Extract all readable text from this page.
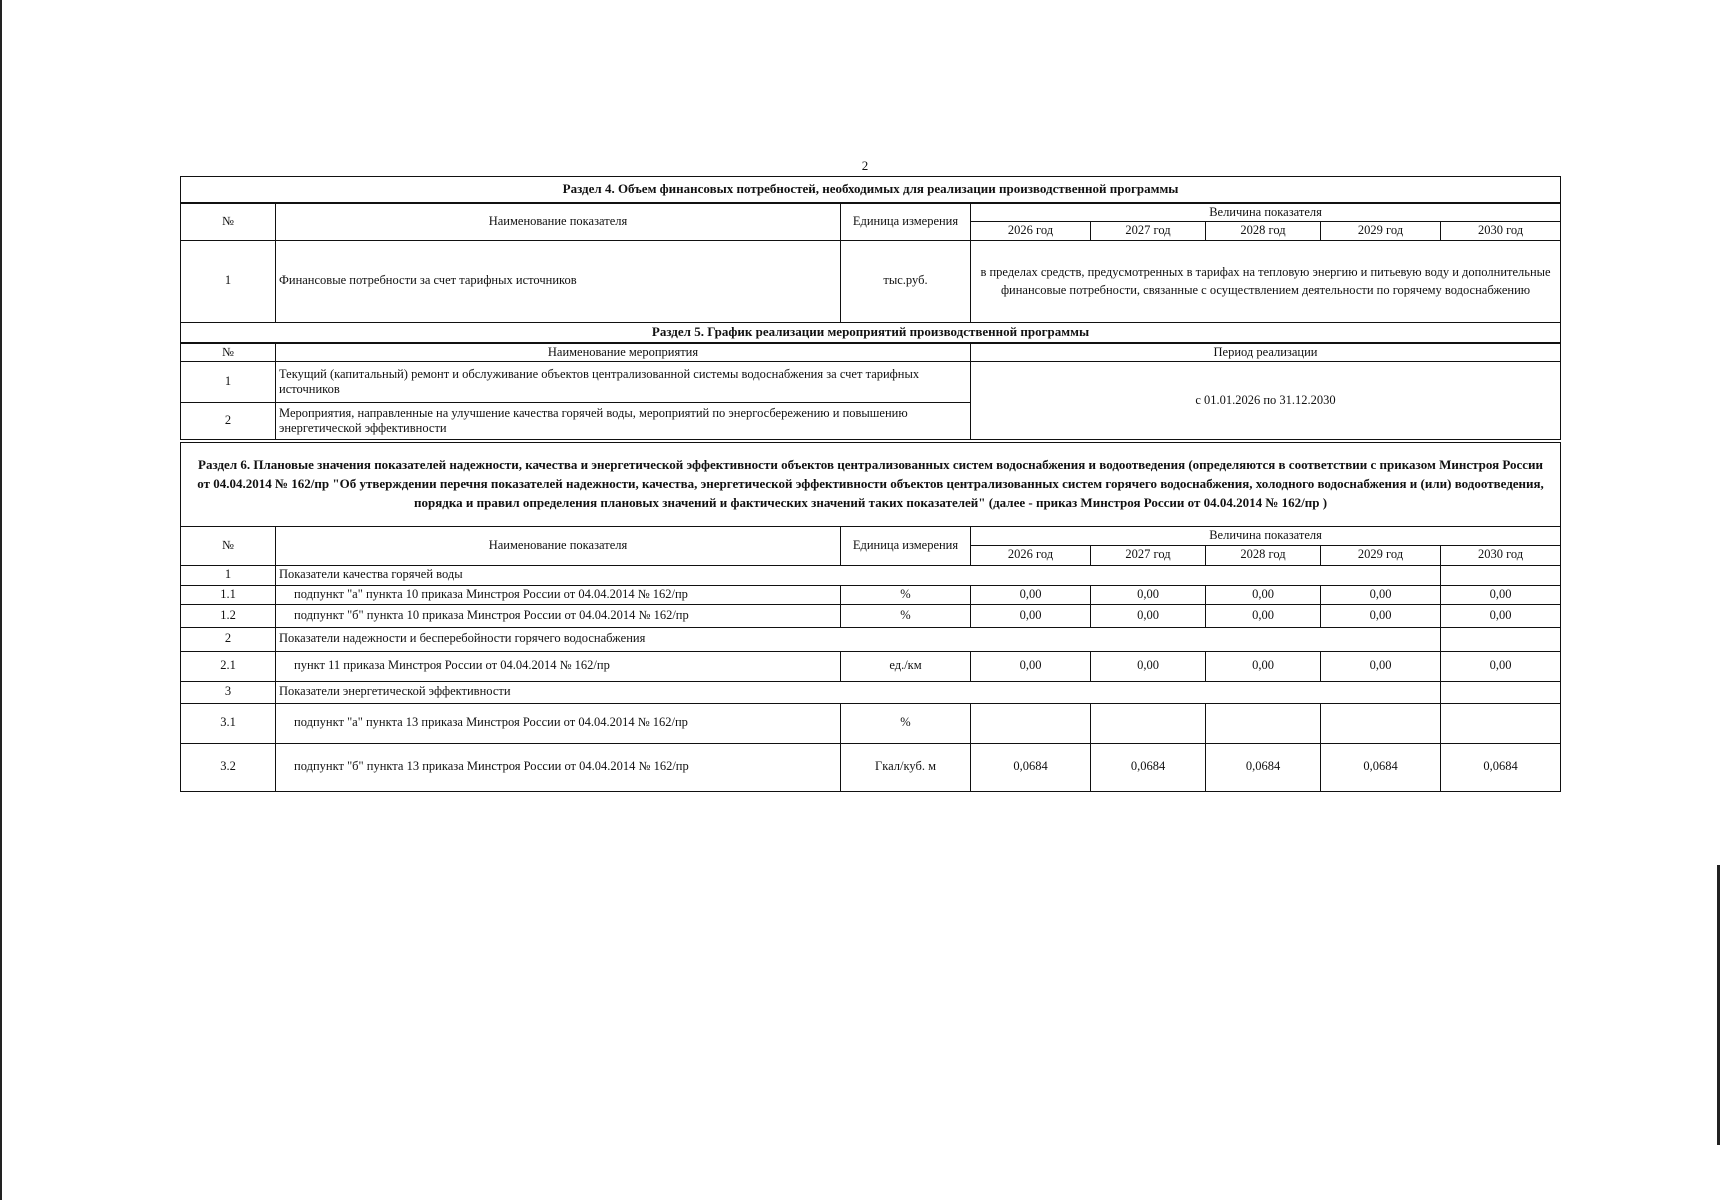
2
Раздел 4. Объем финансовых потребностей, необходимых для реализации производственной программы							
№	Наименование показателя	Единица измерения	Величина показателя				
			2026 год	2027 год	2028 год	2029 год	2030 год
1	Финансовые потребности за счет тарифных источников	тыс.руб.	в пределах средств, предусмотренных в тарифах на тепловую энергию и питьевую воду и дополнительные финансовые потребности, связанные с осуществлением деятельности по горячему водоснабжению				
Раздел 5. График реализации мероприятий производственной программы		
№	Наименование мероприятия	Период реализации
1	Текущий (капитальный) ремонт и обслуживание объектов централизованной системы водоснабжения за счет тарифных источников	с 01.01.2026 по 31.12.2030
2	Мероприятия, направленные на улучшение качества горячей воды, мероприятий по энергосбережению и повышению энергетической эффективности	
Раздел 6. Плановые значения показателей надежности, качества и энергетической эффективности объектов централизованных систем водоснабжения и водоотведения (определяются в соответствии с приказом Минстроя России от 04.04.2014 № 162/пр "Об утверждении перечня показателей надежности, качества, энергетической эффективности объектов централизованных систем горячего водоснабжения, холодного водоснабжения и (или) водоотведения, порядка и правил определения плановых значений и фактических значений таких показателей" (далее - приказ Минстроя России от 04.04.2014 № 162/пр )							
№	Наименование показателя	Единица измерения	Величина показателя				
			2026 год	2027 год	2028 год	2029 год	2030 год
1	Показатели качества горячей воды						
1.1	подпункт "а" пункта 10 приказа Минстроя России от 04.04.2014 № 162/пр	%	0,00	0,00	0,00	0,00	0,00
1.2	подпункт "б" пункта 10 приказа Минстроя России от 04.04.2014 № 162/пр	%	0,00	0,00	0,00	0,00	0,00
2	Показатели надежности и бесперебойности горячего водоснабжения						
2.1	пункт 11 приказа Минстроя России от 04.04.2014 № 162/пр	ед./км	0,00	0,00	0,00	0,00	0,00
3	Показатели энергетической эффективности						
3.1	подпункт "а" пункта 13 приказа Минстроя России от 04.04.2014 № 162/пр	%					
3.2	подпункт "б" пункта 13 приказа Минстроя России от 04.04.2014 № 162/пр	Гкал/куб. м	0,0684	0,0684	0,0684	0,0684	0,0684
